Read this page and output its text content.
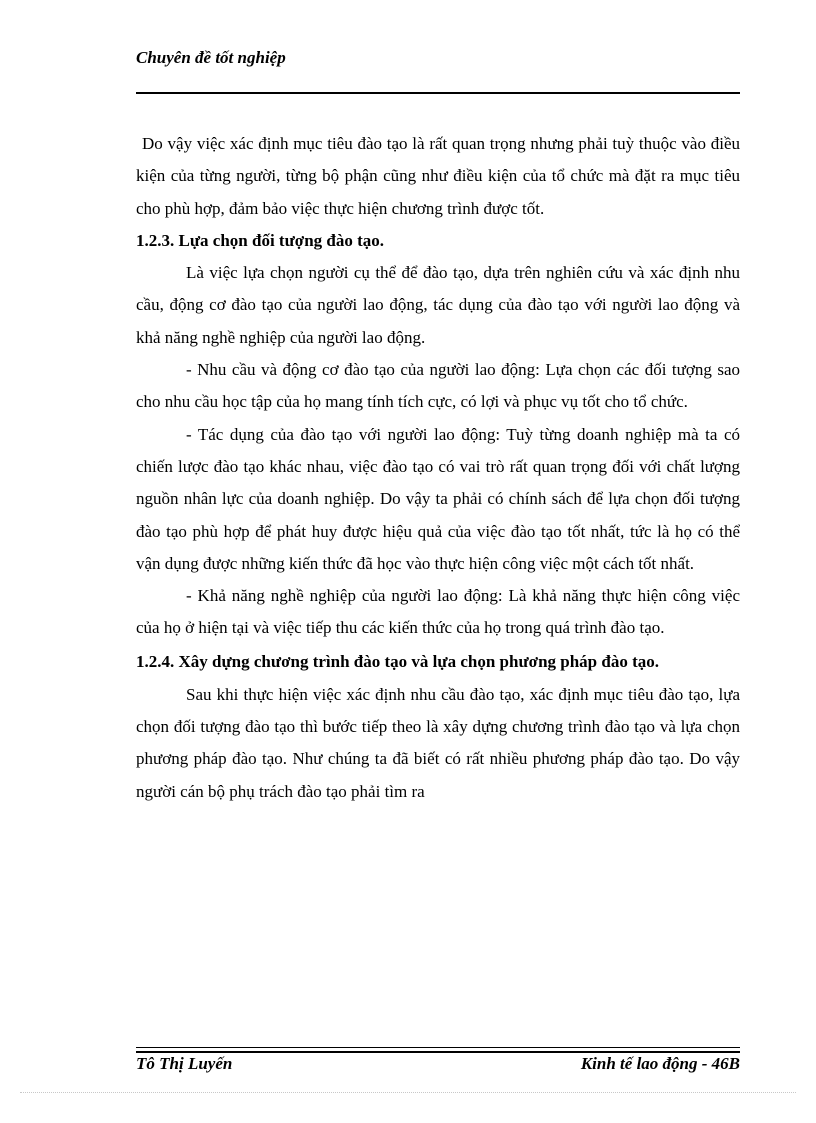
Chuyên đề tốt nghiệp

Do vậy việc xác định mục tiêu đào tạo là rất quan trọng nhưng phải tuỳ thuộc vào điều kiện của từng người, từng bộ phận cũng như điều kiện của tổ chức mà đặt ra mục tiêu cho phù hợp, đảm bảo việc thực hiện chương trình được tốt.

1.2.3. Lựa chọn đối tượng đào tạo.

Là việc lựa chọn người cụ thể để đào tạo, dựa trên nghiên cứu và xác định nhu cầu, động cơ đào tạo của người lao động, tác dụng của đào tạo với người lao động và khả năng nghề nghiệp của người lao động.

- Nhu cầu và động cơ đào tạo của người lao động: Lựa chọn các đối tượng sao cho nhu cầu học tập của họ mang tính tích cực, có lợi và phục vụ tốt cho tổ chức.

- Tác dụng của đào tạo với người lao động: Tuỳ từng doanh nghiệp mà ta có chiến lược đào tạo khác nhau, việc đào tạo có vai trò rất quan trọng đối với chất lượng nguồn nhân lực của doanh nghiệp. Do vậy ta phải có chính sách để lựa chọn đối tượng đào tạo phù hợp để phát huy được hiệu quả của việc đào tạo tốt nhất, tức là họ có thể vận dụng được những kiến thức đã học vào thực hiện công việc một cách tốt nhất.

- Khả năng nghề nghiệp của người lao động: Là khả năng thực hiện công việc của họ ở hiện tại và việc tiếp thu các kiến thức của họ trong quá trình đào tạo.

1.2.4. Xây dựng chương trình đào tạo và lựa chọn phương pháp đào tạo.

Sau khi thực hiện việc xác định nhu cầu đào tạo, xác định mục tiêu đào tạo, lựa chọn đối tượng đào tạo thì bước tiếp theo là xây dựng chương trình đào tạo và lựa chọn phương pháp đào tạo. Như chúng ta đã biết có rất nhiều phương pháp đào tạo. Do vậy người cán bộ phụ trách đào tạo phải tìm ra

Tô Thị Luyến	Kinh tế lao động - 46B
